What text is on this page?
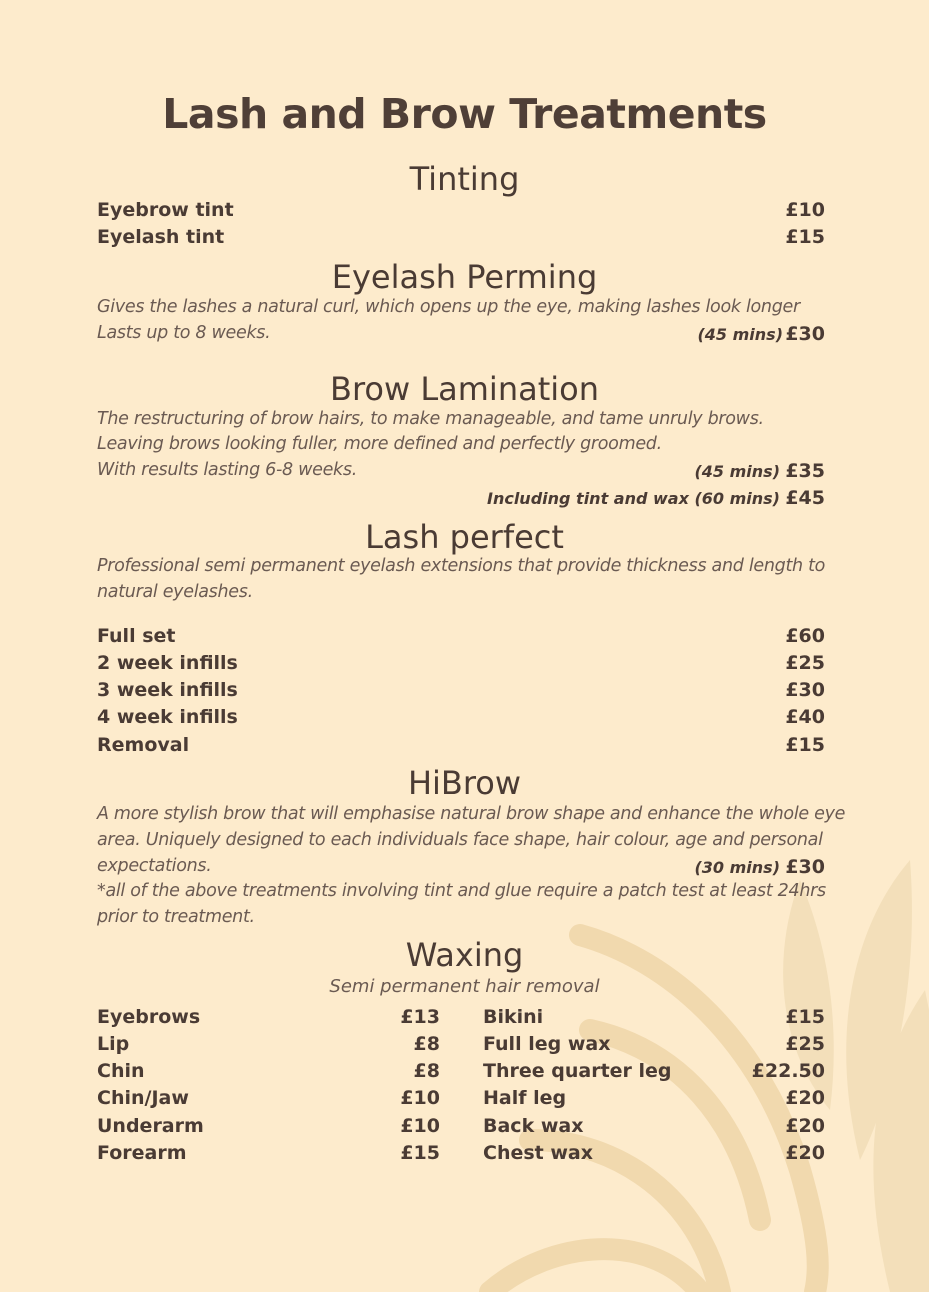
Lash and Brow Treatments
Tinting
Eyebrow tint	£10
Eyelash tint	£15
Eyelash Perming
Gives the lashes a natural curl, which opens up the eye, making lashes look longer
Lasts up to 8 weeks.	(45 mins) £30
Brow Lamination
The restructuring of brow hairs, to make manageable, and tame unruly brows.
Leaving brows looking fuller, more defined and perfectly groomed.
With results lasting 6-8 weeks.	(45 mins) £35
Including tint and wax (60 mins) £45
Lash perfect
Professional semi permanent eyelash extensions that provide thickness and length to
natural eyelashes.
Full set	£60
2 week infills	£25
3 week infills	£30
4 week infills	£40
Removal	£15
HiBrow
A more stylish brow that will emphasise natural brow shape and enhance the whole eye
area. Uniquely designed to each individuals face shape, hair colour, age and personal
expectations.	(30 mins) £30
*all of the above treatments involving tint and glue require a patch test at least 24hrs
prior to treatment.
Waxing
Semi permanent hair removal
Eyebrows	£13
Lip	£8
Chin	£8
Chin/Jaw	£10
Underarm	£10
Forearm	£15
Bikini	£15
Full leg wax	£25
Three quarter leg	£22.50
Half leg	£20
Back wax	£20
Chest wax	£20
